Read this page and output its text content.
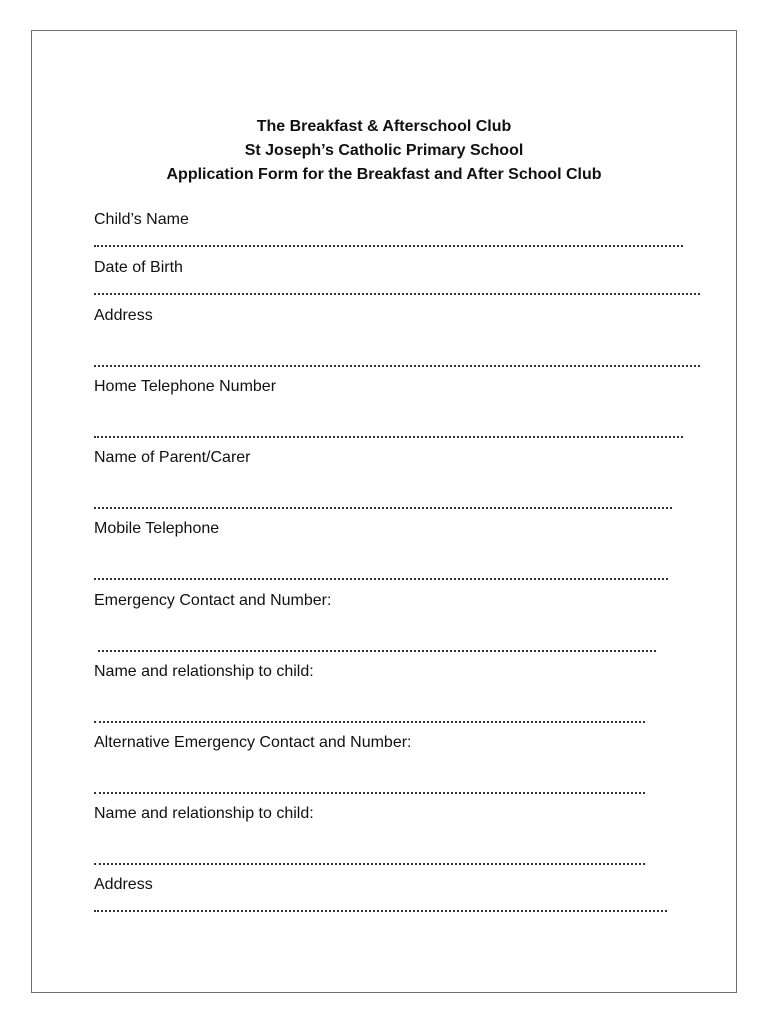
The Breakfast & Afterschool Club
St Joseph’s Catholic Primary School
Application Form for the Breakfast and After School Club
Child’s Name
Date of Birth
Address
Home Telephone Number
Name of Parent/Carer
Mobile Telephone
Emergency Contact and Number:
Name and relationship to child:
Alternative Emergency Contact and Number:
Name and relationship to child:
Address
